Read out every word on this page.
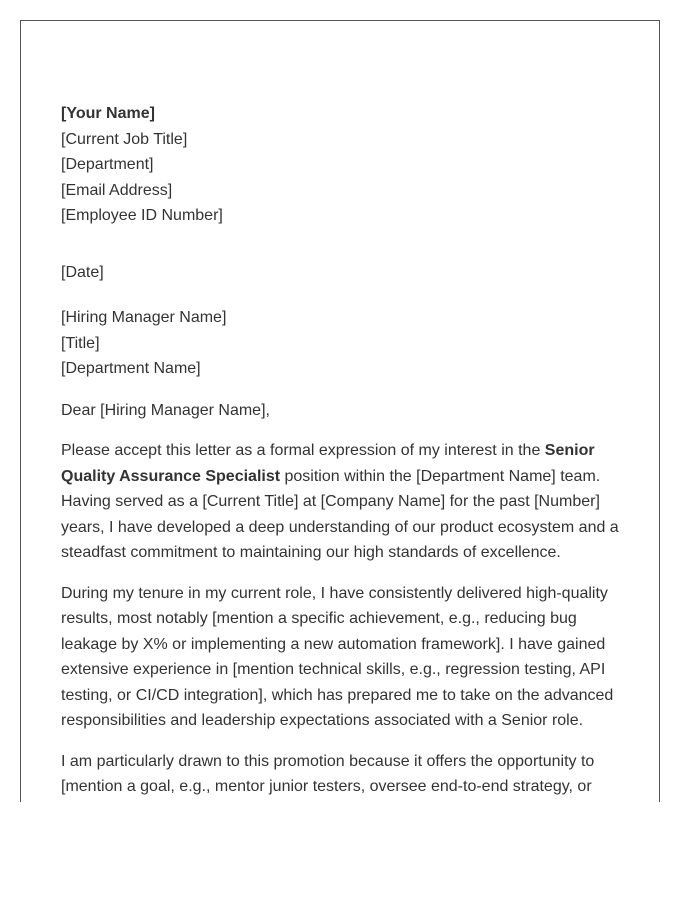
[Your Name]
[Current Job Title]
[Department]
[Email Address]
[Employee ID Number]
[Date]
[Hiring Manager Name]
[Title]
[Department Name]

Dear [Hiring Manager Name],

Please accept this letter as a formal expression of my interest in the Senior Quality Assurance Specialist position within the [Department Name] team. Having served as a [Current Title] at [Company Name] for the past [Number] years, I have developed a deep understanding of our product ecosystem and a steadfast commitment to maintaining our high standards of excellence.

During my tenure in my current role, I have consistently delivered high-quality results, most notably [mention a specific achievement, e.g., reducing bug leakage by X% or implementing a new automation framework]. I have gained extensive experience in [mention technical skills, e.g., regression testing, API testing, or CI/CD integration], which has prepared me to take on the advanced responsibilities and leadership expectations associated with a Senior role.

I am particularly drawn to this promotion because it offers the opportunity to [mention a goal, e.g., mentor junior testers, oversee end-to-end strategy, or
